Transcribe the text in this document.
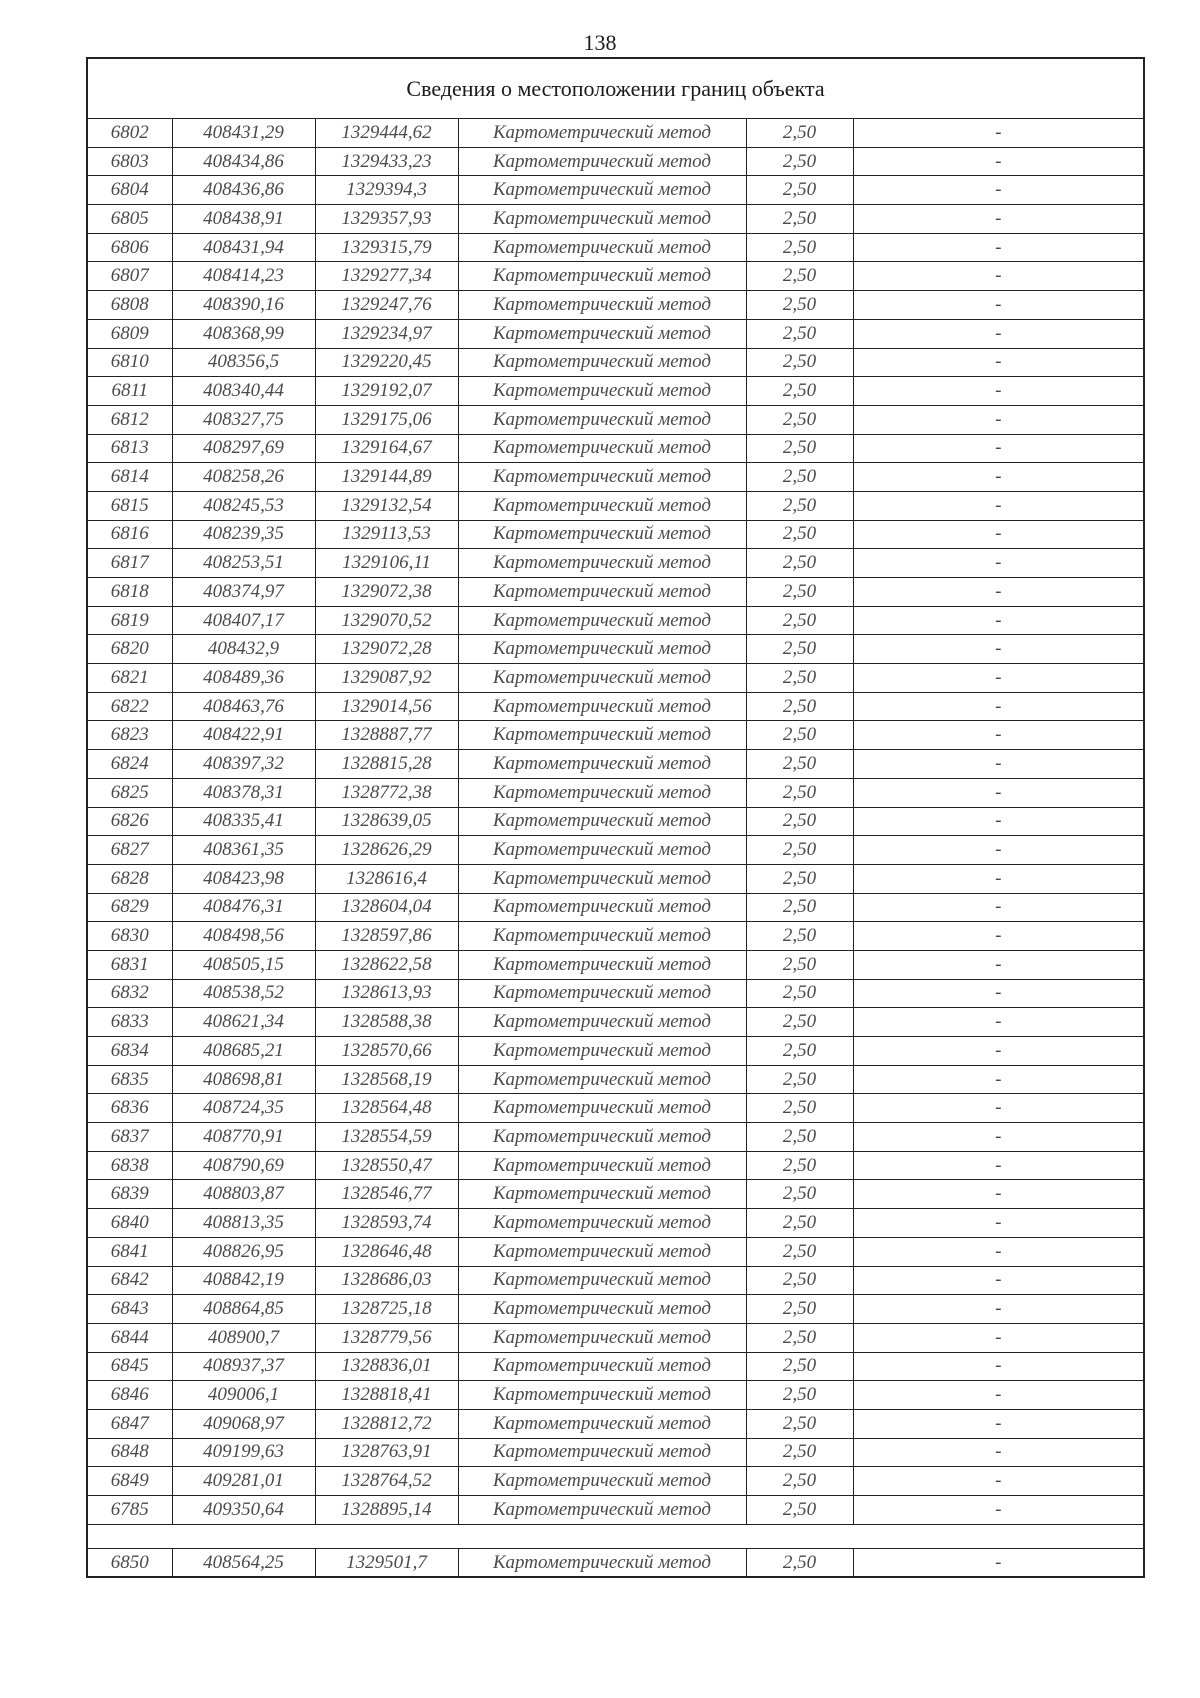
138
Сведения о местоположении границ объекта					
6802	408431,29	1329444,62	Картометрический метод	2,50	-
6803	408434,86	1329433,23	Картометрический метод	2,50	-
6804	408436,86	1329394,3	Картометрический метод	2,50	-
6805	408438,91	1329357,93	Картометрический метод	2,50	-
6806	408431,94	1329315,79	Картометрический метод	2,50	-
6807	408414,23	1329277,34	Картометрический метод	2,50	-
6808	408390,16	1329247,76	Картометрический метод	2,50	-
6809	408368,99	1329234,97	Картометрический метод	2,50	-
6810	408356,5	1329220,45	Картометрический метод	2,50	-
6811	408340,44	1329192,07	Картометрический метод	2,50	-
6812	408327,75	1329175,06	Картометрический метод	2,50	-
6813	408297,69	1329164,67	Картометрический метод	2,50	-
6814	408258,26	1329144,89	Картометрический метод	2,50	-
6815	408245,53	1329132,54	Картометрический метод	2,50	-
6816	408239,35	1329113,53	Картометрический метод	2,50	-
6817	408253,51	1329106,11	Картометрический метод	2,50	-
6818	408374,97	1329072,38	Картометрический метод	2,50	-
6819	408407,17	1329070,52	Картометрический метод	2,50	-
6820	408432,9	1329072,28	Картометрический метод	2,50	-
6821	408489,36	1329087,92	Картометрический метод	2,50	-
6822	408463,76	1329014,56	Картометрический метод	2,50	-
6823	408422,91	1328887,77	Картометрический метод	2,50	-
6824	408397,32	1328815,28	Картометрический метод	2,50	-
6825	408378,31	1328772,38	Картометрический метод	2,50	-
6826	408335,41	1328639,05	Картометрический метод	2,50	-
6827	408361,35	1328626,29	Картометрический метод	2,50	-
6828	408423,98	1328616,4	Картометрический метод	2,50	-
6829	408476,31	1328604,04	Картометрический метод	2,50	-
6830	408498,56	1328597,86	Картометрический метод	2,50	-
6831	408505,15	1328622,58	Картометрический метод	2,50	-
6832	408538,52	1328613,93	Картометрический метод	2,50	-
6833	408621,34	1328588,38	Картометрический метод	2,50	-
6834	408685,21	1328570,66	Картометрический метод	2,50	-
6835	408698,81	1328568,19	Картометрический метод	2,50	-
6836	408724,35	1328564,48	Картометрический метод	2,50	-
6837	408770,91	1328554,59	Картометрический метод	2,50	-
6838	408790,69	1328550,47	Картометрический метод	2,50	-
6839	408803,87	1328546,77	Картометрический метод	2,50	-
6840	408813,35	1328593,74	Картометрический метод	2,50	-
6841	408826,95	1328646,48	Картометрический метод	2,50	-
6842	408842,19	1328686,03	Картометрический метод	2,50	-
6843	408864,85	1328725,18	Картометрический метод	2,50	-
6844	408900,7	1328779,56	Картометрический метод	2,50	-
6845	408937,37	1328836,01	Картометрический метод	2,50	-
6846	409006,1	1328818,41	Картометрический метод	2,50	-
6847	409068,97	1328812,72	Картометрический метод	2,50	-
6848	409199,63	1328763,91	Картометрический метод	2,50	-
6849	409281,01	1328764,52	Картометрический метод	2,50	-
6785	409350,64	1328895,14	Картометрический метод	2,50	-

6850	408564,25	1329501,7	Картометрический метод	2,50	-
